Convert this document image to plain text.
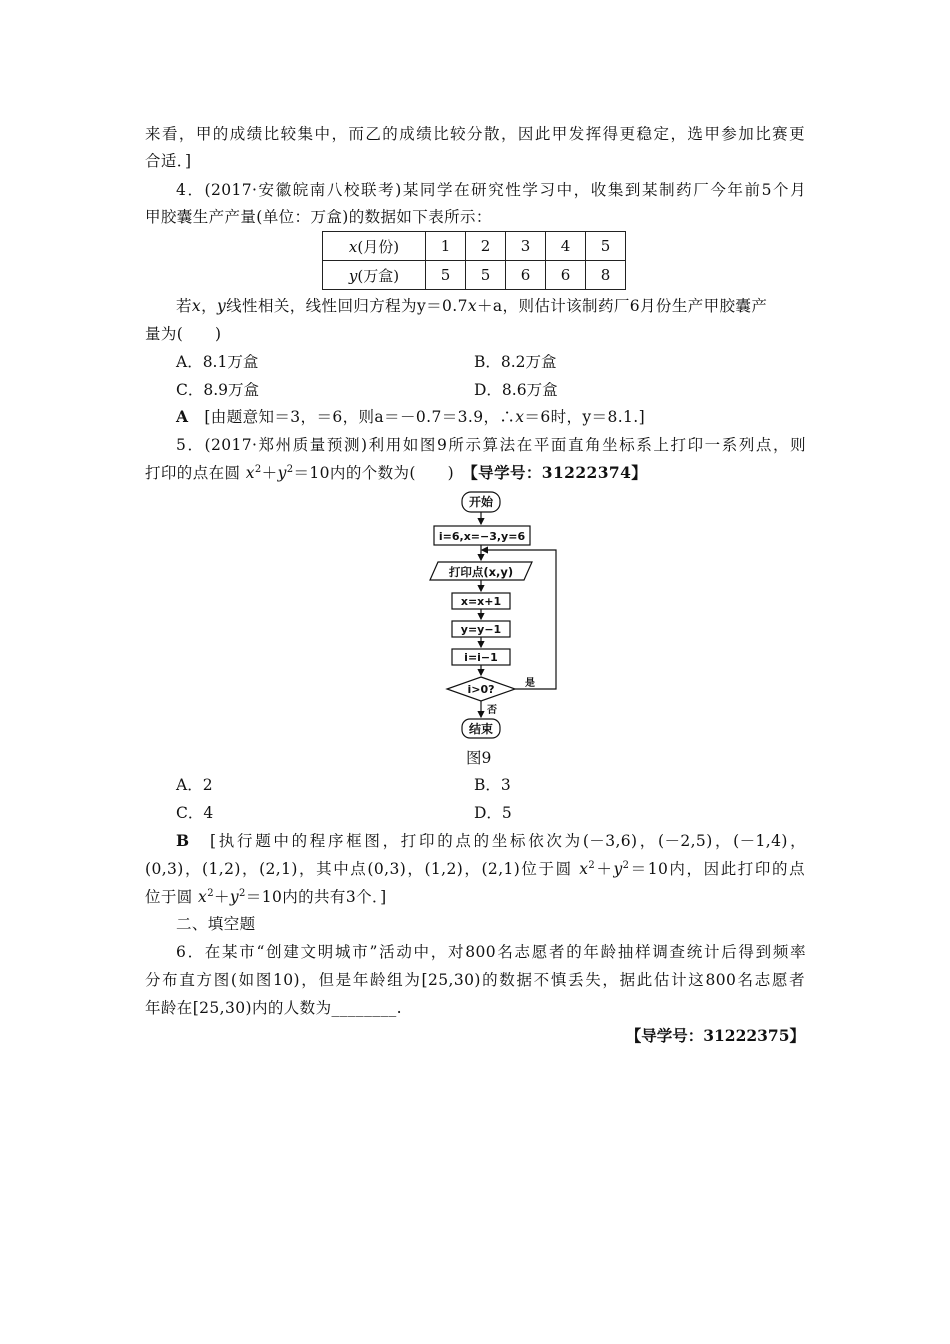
来看，甲的成绩比较集中，而乙的成绩比较分散，因此甲发挥得更稳定，选甲参加比赛更
合适．]
4．(2017·安徽皖南八校联考)某同学在研究性学习中，收集到某制药厂今年前5个月
甲胶囊生产产量(单位：万盒)的数据如下表所示：
x(月份)	1	2	3	4	5
y(万盒)	5	5	6	6	8
若x，y线性相关，线性回归方程为y＝0.7x＋a，则估计该制药厂6月份生产甲胶囊产
量为(　　)
A．8.1万盒	B．8.2万盒
C．8.9万盒	D．8.6万盒
A　 [由题意知＝3，＝6，则a＝－0.7＝3.9，∴x＝6时，y＝8.1.]
5．(2017·郑州质量预测)利用如图9所示算法在平面直角坐标系上打印一系列点，则
打印的点在圆 $x^2+y^2=10$内的个数为(　　)　 【导学号：31222374】
开始
i=6,x=−3,y=6
打印点(x,y)
x=x+1
y=y−1
i=i−1
i>0?	是
否
结束
图9
A．2	B．3
C．4	D．5
B　 [执行题中的程序框图，打印的点的坐标依次为(－3,6)，(－2,5)，(－1,4)，
(0,3)，(1,2)，(2,1)，其中点(0,3)，(1,2)，(2,1)位于圆 $x^2+y^2=10$内，因此打印的点
位于圆 $x^2+y^2=10$内的共有3个．]
二、填空题
6．在某市“创建文明城市”活动中，对800名志愿者的年龄抽样调查统计后得到频率
分布直方图(如图10)，但是年龄组为[25,30)的数据不慎丢失，据此估计这800名志愿者
年龄在[25,30)内的人数为________.
【导学号：31222375】
